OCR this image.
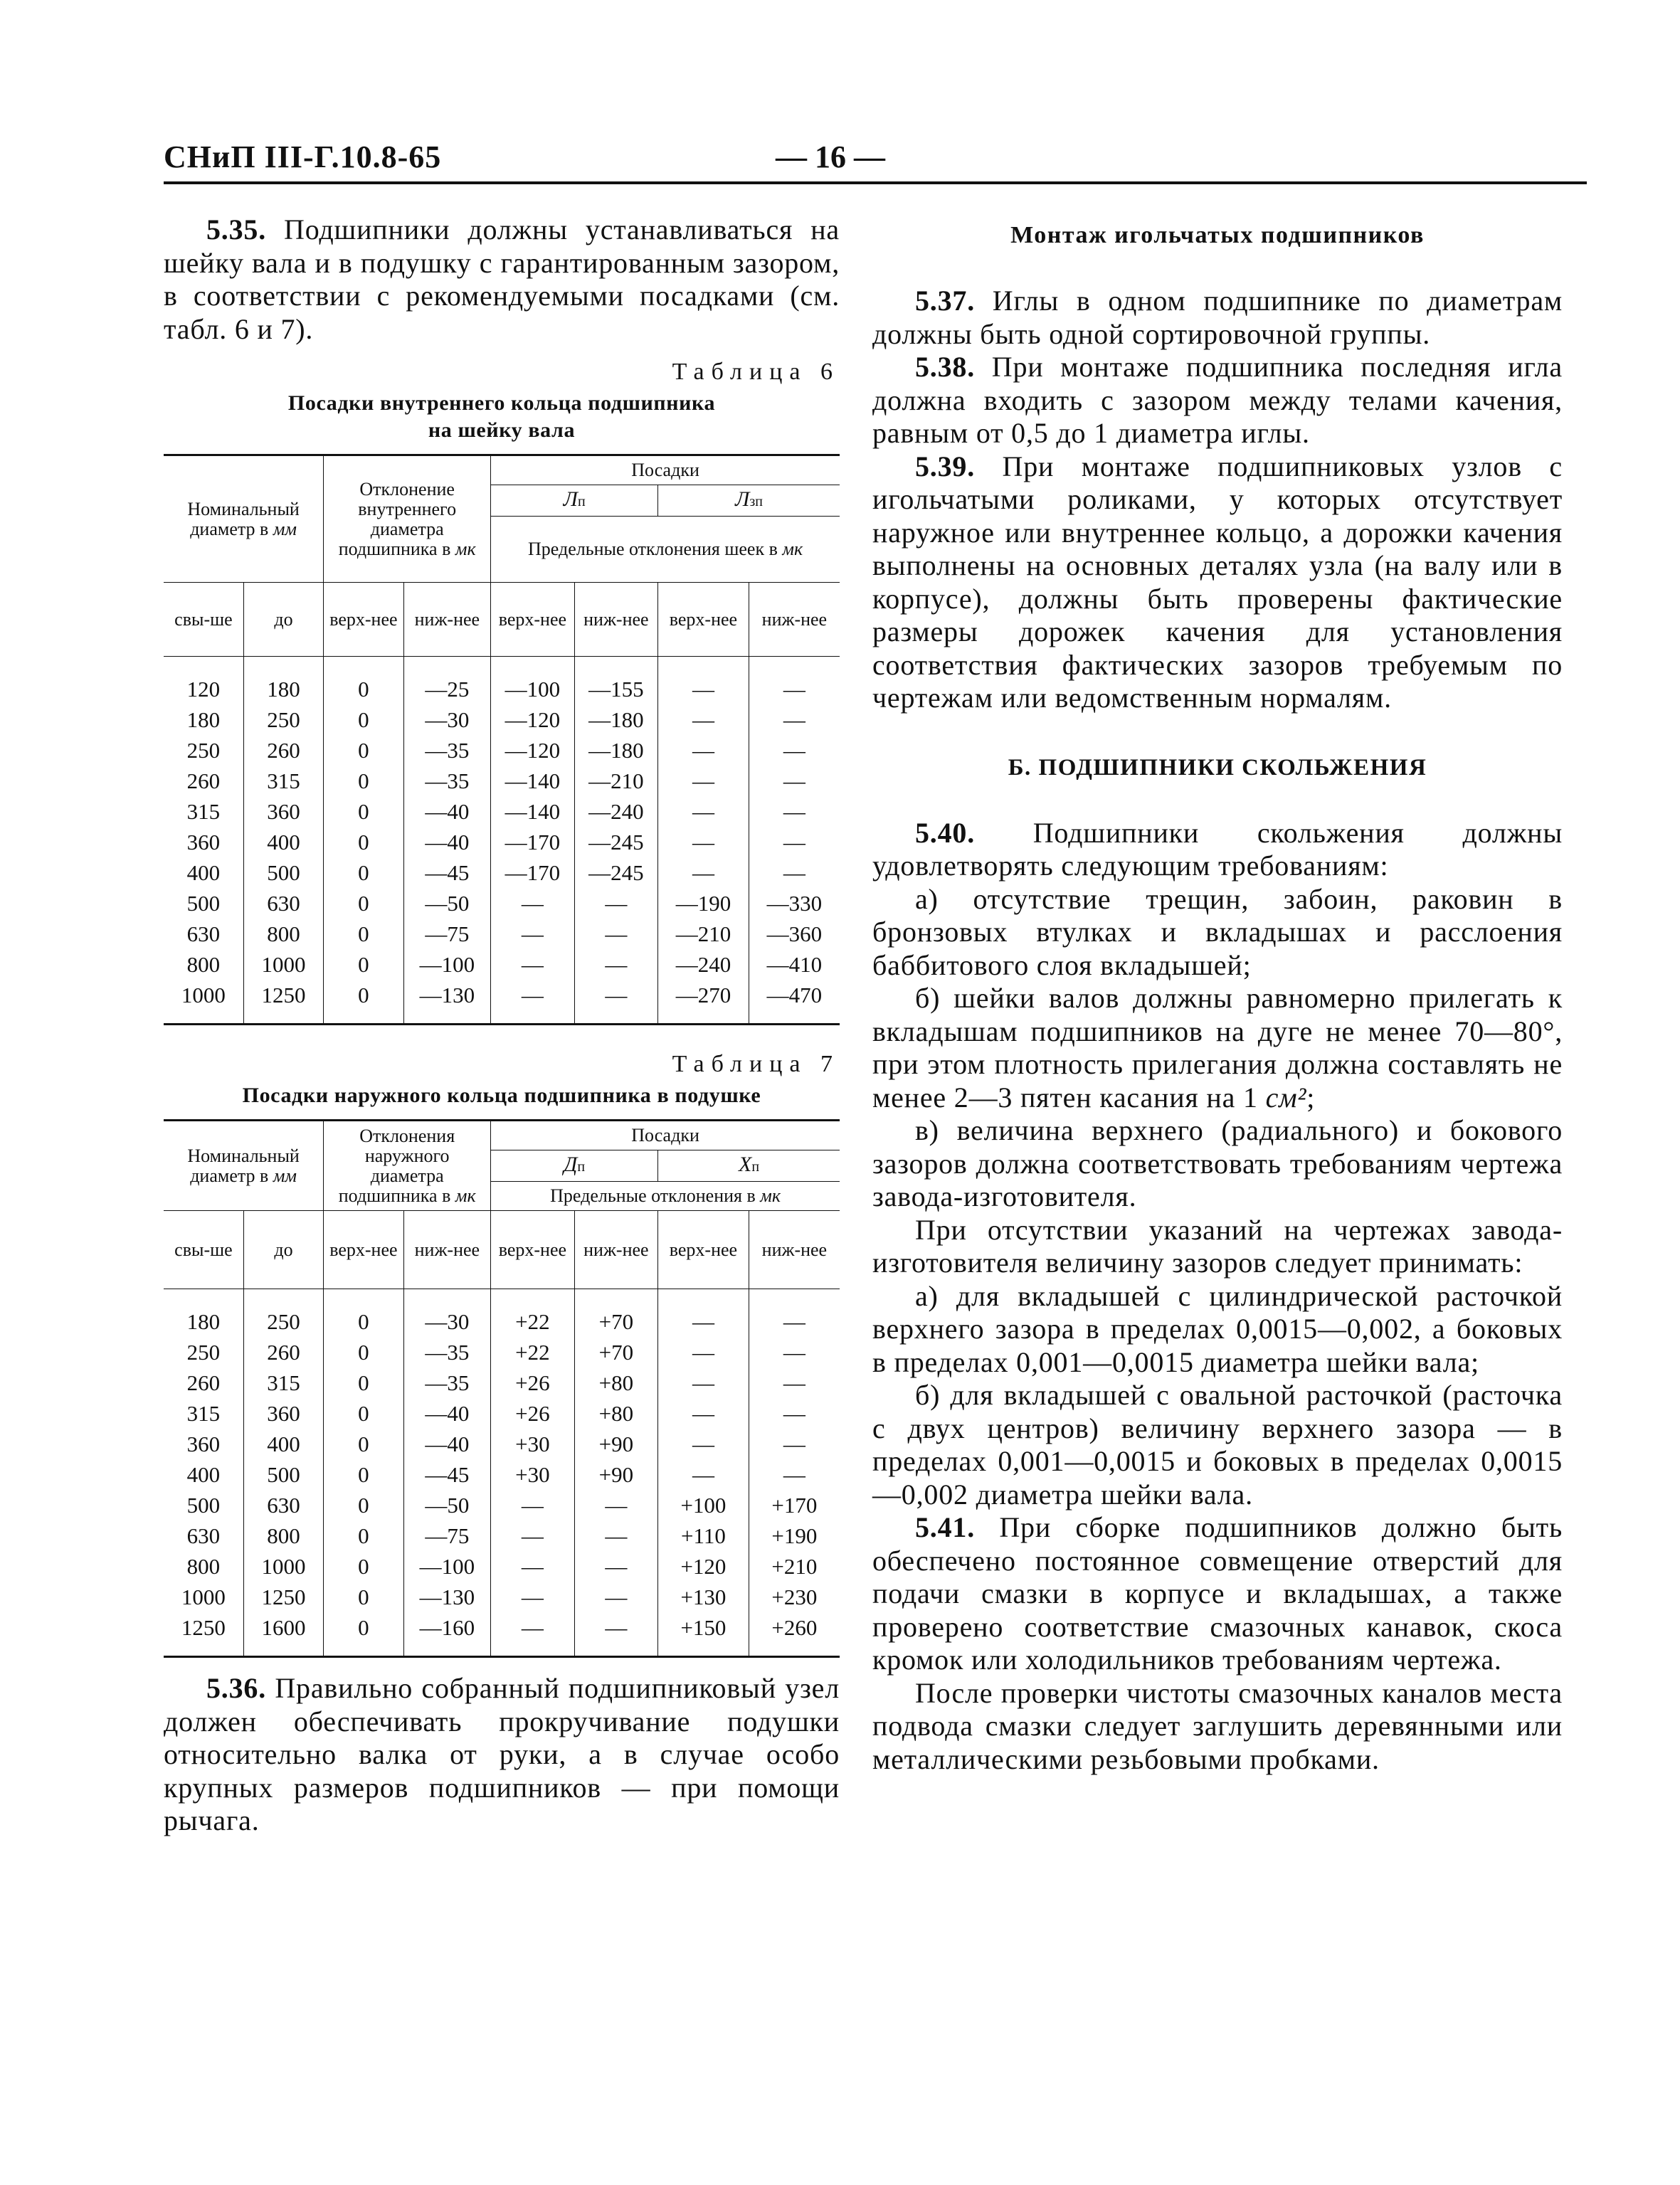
СНиП III-Г.10.8-65	— 16 —

5.35. Подшипники должны устанавливаться на шейку вала и в подушку с гарантированным зазором, в соответствии с рекомендуемыми посадками (см. табл. 6 и 7).

Таблица 6
Посадки внутреннего кольца подшипника
на шейку вала
Номинальный диаметр в мм		Отклонение внутреннего диаметра подшипника в мк		Посадки			
				Лп		Лзп	
				Предельные отклонения шеек в мк			
свы-ше	до	верх-нее	ниж-нее	верх-нее	ниж-нее	верх-нее	ниж-нее
120	180	0	—25	—100	—155	—	—
180	250	0	—30	—120	—180	—	—
250	260	0	—35	—120	—180	—	—
260	315	0	—35	—140	—210	—	—
315	360	0	—40	—140	—240	—	—
360	400	0	—40	—170	—245	—	—
400	500	0	—45	—170	—245	—	—
500	630	0	—50	—	—	—190	—330
630	800	0	—75	—	—	—210	—360
800	1000	0	—100	—	—	—240	—410
1000	1250	0	—130	—	—	—270	—470
Таблица 7
Посадки наружного кольца подшипника в подушке
Номинальный диаметр в мм		Отклонения наружного диаметра подшипника в мк		Посадки			
				Дп		Хп	
				Предельные отклонения в мк			
свы-ше	до	верх-нее	ниж-нее	верх-нее	ниж-нее	верх-нее	ниж-нее
180	250	0	—30	+22	+70	—	—
250	260	0	—35	+22	+70	—	—
260	315	0	—35	+26	+80	—	—
315	360	0	—40	+26	+80	—	—
360	400	0	—40	+30	+90	—	—
400	500	0	—45	+30	+90	—	—
500	630	0	—50	—	—	+100	+170
630	800	0	—75	—	—	+110	+190
800	1000	0	—100	—	—	+120	+210
1000	1250	0	—130	—	—	+130	+230
1250	1600	0	—160	—	—	+150	+260

5.36. Правильно собранный подшипниковый узел должен обеспечивать прокручивание подушки относительно валка от руки, а в случае особо крупных размеров подшипников — при помощи рычага.

Монтаж игольчатых подшипников

5.37. Иглы в одном подшипнике по диаметрам должны быть одной сортировочной группы.

5.38. При монтаже подшипника последняя игла должна входить с зазором между телами качения, равным от 0,5 до 1 диаметра иглы.

5.39. При монтаже подшипниковых узлов с игольчатыми роликами, у которых отсутствует наружное или внутреннее кольцо, а дорожки качения выполнены на основных деталях узла (на валу или в корпусе), должны быть проверены фактические размеры дорожек качения для установления соответствия фактических зазоров требуемым по чертежам или ведомственным нормалям.

Б. ПОДШИПНИКИ СКОЛЬЖЕНИЯ

5.40. Подшипники скольжения должны удовлетворять следующим требованиям:

а) отсутствие трещин, забоин, раковин в бронзовых втулках и вкладышах и расслоения баббитового слоя вкладышей;

б) шейки валов должны равномерно прилегать к вкладышам подшипников на дуге не менее 70—80°, при этом плотность прилегания должна составлять не менее 2—3 пятен касания на 1 см²;

в) величина верхнего (радиального) и бокового зазоров должна соответствовать требованиям чертежа завода-изготовителя.

При отсутствии указаний на чертежах завода-изготовителя величину зазоров следует принимать:

а) для вкладышей с цилиндрической расточкой верхнего зазора в пределах 0,0015—0,002, а боковых в пределах 0,001—0,0015 диаметра шейки вала;

б) для вкладышей с овальной расточкой (расточка с двух центров) величину верхнего зазора — в пределах 0,001—0,0015 и боковых в пределах 0,0015—0,002 диаметра шейки вала.

5.41. При сборке подшипников должно быть обеспечено постоянное совмещение отверстий для подачи смазки в корпусе и вкладышах, а также проверено соответствие смазочных канавок, скоса кромок или холодильников требованиям чертежа.

После проверки чистоты смазочных каналов места подвода смазки следует заглушить деревянными или металлическими резьбовыми пробками.
